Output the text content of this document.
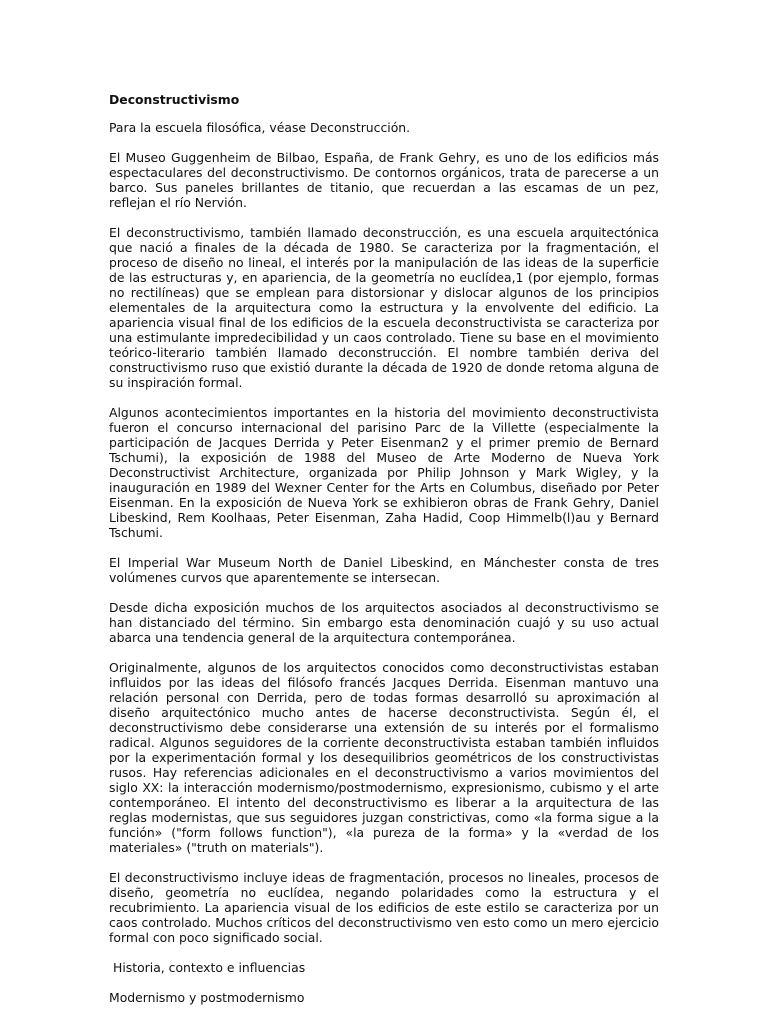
Deconstructivismo

Para la escuela filosófica, véase Deconstrucción.

El Museo Guggenheim de Bilbao, España, de Frank Gehry, es uno de los edificios más espectaculares del deconstructivismo. De contornos orgánicos, trata de parecerse a un barco. Sus paneles brillantes de titanio, que recuerdan a las escamas de un pez, reflejan el río Nervión.

El deconstructivismo, también llamado deconstrucción, es una escuela arquitectónica que nació a finales de la década de 1980. Se caracteriza por la fragmentación, el proceso de diseño no lineal, el interés por la manipulación de las ideas de la superficie de las estructuras y, en apariencia, de la geometría no euclídea,1 (por ejemplo, formas no rectilíneas) que se emplean para distorsionar y dislocar algunos de los principios elementales de la arquitectura como la estructura y la envolvente del edificio. La apariencia visual final de los edificios de la escuela deconstructivista se caracteriza por una estimulante impredecibilidad y un caos controlado. Tiene su base en el movimiento teórico-literario también llamado deconstrucción. El nombre también deriva del constructivismo ruso que existió durante la década de 1920 de donde retoma alguna de su inspiración formal.

Algunos acontecimientos importantes en la historia del movimiento deconstructivista fueron el concurso internacional del parisino Parc de la Villette (especialmente la participación de Jacques Derrida y Peter Eisenman2 y el primer premio de Bernard Tschumi), la exposición de 1988 del Museo de Arte Moderno de Nueva York Deconstructivist Architecture, organizada por Philip Johnson y Mark Wigley, y la inauguración en 1989 del Wexner Center for the Arts en Columbus, diseñado por Peter Eisenman. En la exposición de Nueva York se exhibieron obras de Frank Gehry, Daniel Libeskind, Rem Koolhaas, Peter Eisenman, Zaha Hadid, Coop Himmelb(l)au y Bernard Tschumi.

El Imperial War Museum North de Daniel Libeskind, en Mánchester consta de tres volúmenes curvos que aparentemente se intersecan.

Desde dicha exposición muchos de los arquitectos asociados al deconstructivismo se han distanciado del término. Sin embargo esta denominación cuajó y su uso actual abarca una tendencia general de la arquitectura contemporánea.

Originalmente, algunos de los arquitectos conocidos como deconstructivistas estaban influidos por las ideas del filósofo francés Jacques Derrida. Eisenman mantuvo una relación personal con Derrida, pero de todas formas desarrolló su aproximación al diseño arquitectónico mucho antes de hacerse deconstructivista. Según él, el deconstructivismo debe considerarse una extensión de su interés por el formalismo radical. Algunos seguidores de la corriente deconstructivista estaban también influidos por la experimentación formal y los desequilibrios geométricos de los constructivistas rusos. Hay referencias adicionales en el deconstructivismo a varios movimientos del siglo XX: la interacción modernismo/postmodernismo, expresionismo, cubismo y el arte contemporáneo. El intento del deconstructivismo es liberar a la arquitectura de las reglas modernistas, que sus seguidores juzgan constrictivas, como «la forma sigue a la función» ("form follows function"), «la pureza de la forma» y la «verdad de los materiales» ("truth on materials").

El deconstructivismo incluye ideas de fragmentación, procesos no lineales, procesos de diseño, geometría no euclídea, negando polaridades como la estructura y el recubrimiento. La apariencia visual de los edificios de este estilo se caracteriza por un caos controlado. Muchos críticos del deconstructivismo ven esto como un mero ejercicio formal con poco significado social.

Historia, contexto e influencias
Modernismo y postmodernismo
